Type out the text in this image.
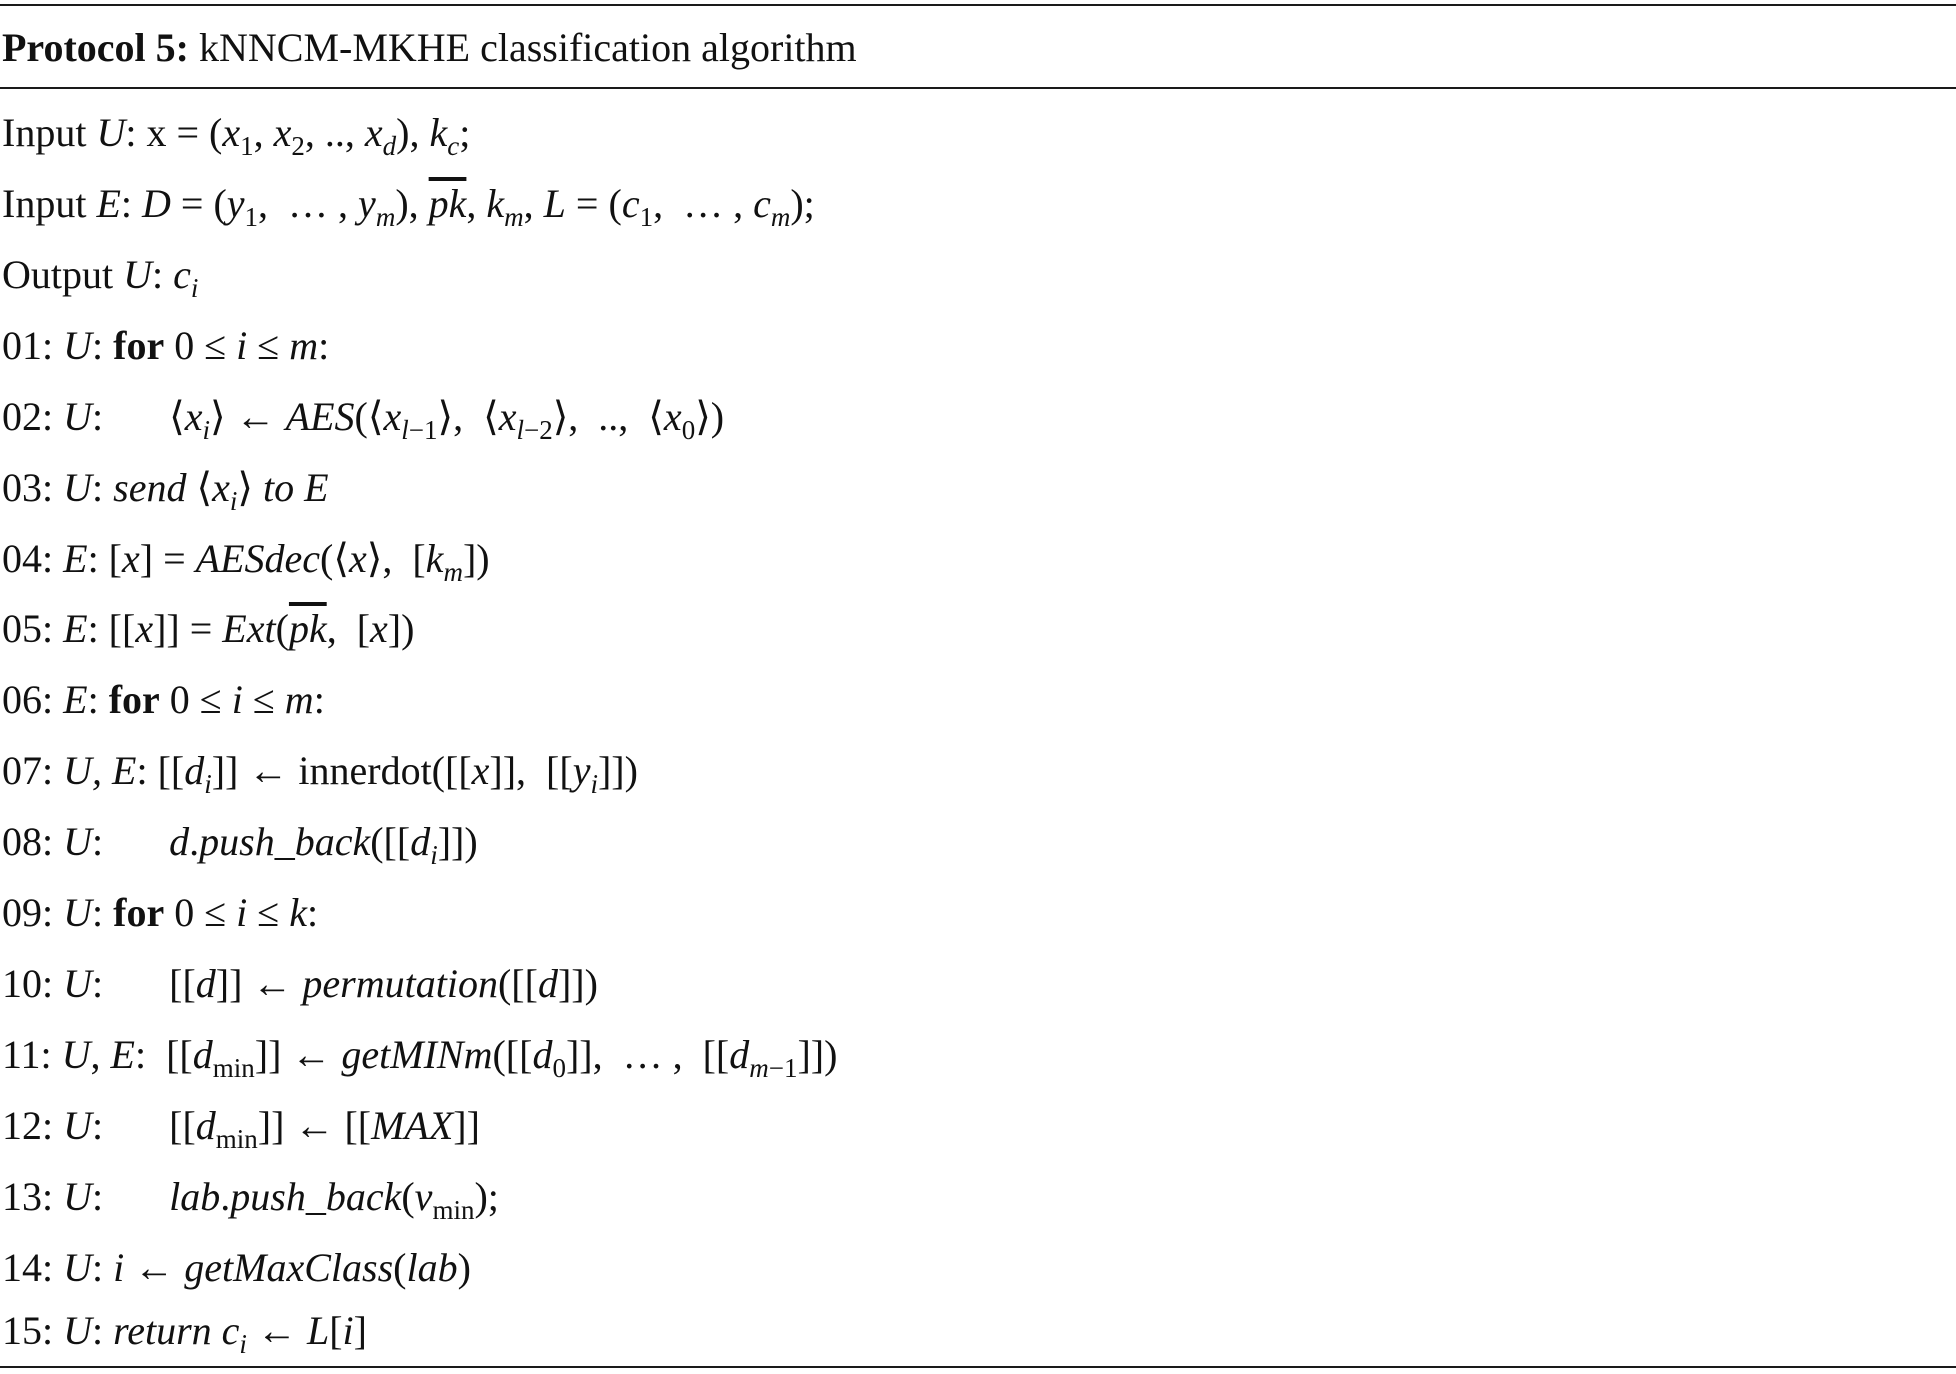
Protocol 5: kNNCM-MKHE classification algorithm
Input U: $x = (x_1$, $x_2$, .., $x_d$), $k_c$;
Input E: $D = (y_1$,  … , $y_m$), $\overline{pk}$, $k_m$, $L = (c_1$,  … , $c_m$);
Output U: $c_i$
01: U: for 0 ≤ i ≤ m:
02: U: $⟨x_i⟩$ ← $AES(⟨x_{l-1}⟩$,  $⟨x_{l-2}⟩$,  ..,  $⟨x_0⟩$)
03: U: send $⟨x_i⟩$ to E
04: E: [x] = AESdec(⟨x⟩,  $[k_m]$)
05: E: $[[x]] = Ext(\overline{pk}$,  [x])
06: E: for 0 ≤ i ≤ m:
07: U, E: $[[d_i]]$ ← innerdot([[x]],  $[[y_i]]$)
08: U: $d.push\_back([[d_i]])$
09: U: for 0 ≤ i ≤ k:
10: U: [[d]] ← permutation([[d]])
11: U, E:  $[[d_{min}]]$ ← $getMINm([[d_0]]$,  … ,  $[[d_{m-1}]]$)
12: U: $[[d_{min}]]$ ← [[MAX]]
13: U: $lab.push\_back(v_{min})$;
14: U: i ← getMaxClass(lab)
15: U: return $c_i$ ← L[i]
